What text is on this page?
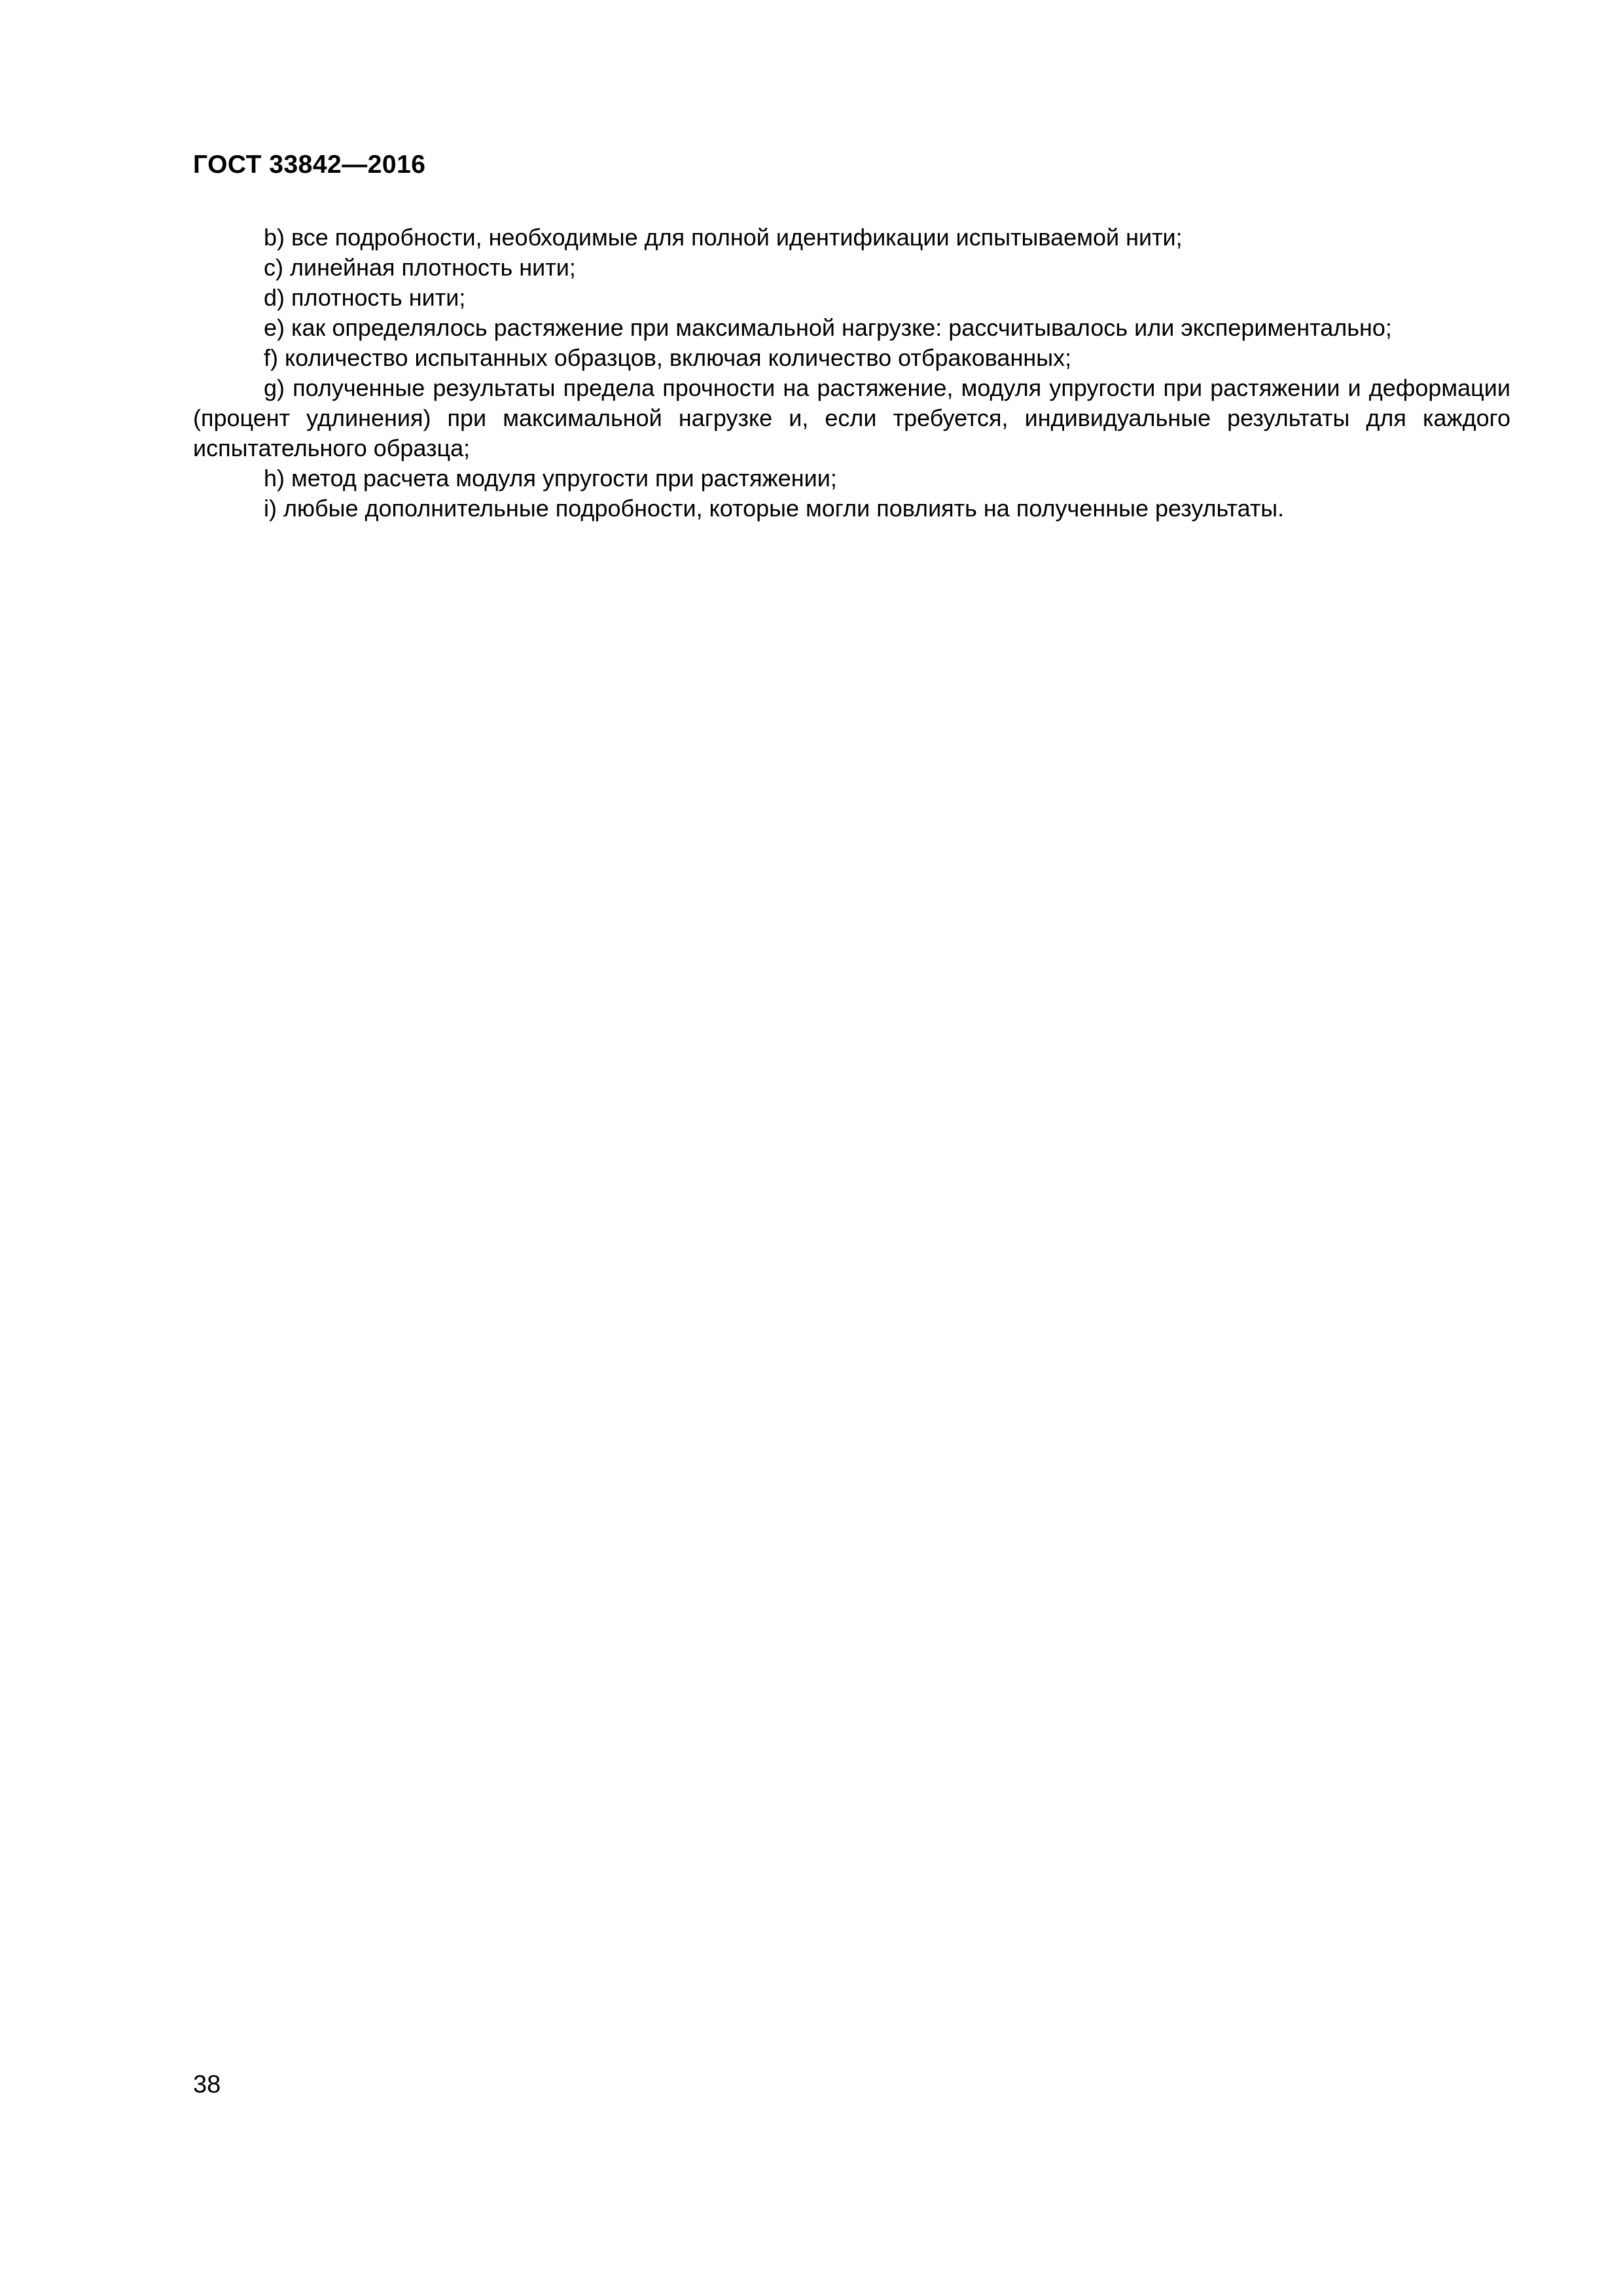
ГОСТ 33842—2016

b) все подробности, необходимые для полной идентификации испытываемой нити;

c) линейная плотность нити;

d) плотность нити;

e) как определялось растяжение при максимальной нагрузке: рассчитывалось или экспериментально;

f) количество испытанных образцов, включая количество отбракованных;

g) полученные результаты предела прочности на растяжение, модуля упругости при растяжении и деформации (процент удлинения) при максимальной нагрузке и, если требуется, индивидуальные результаты для каждого испытательного образца;

h) метод расчета модуля упругости при растяжении;

i) любые дополнительные подробности, которые могли повлиять на полученные результаты.

38
